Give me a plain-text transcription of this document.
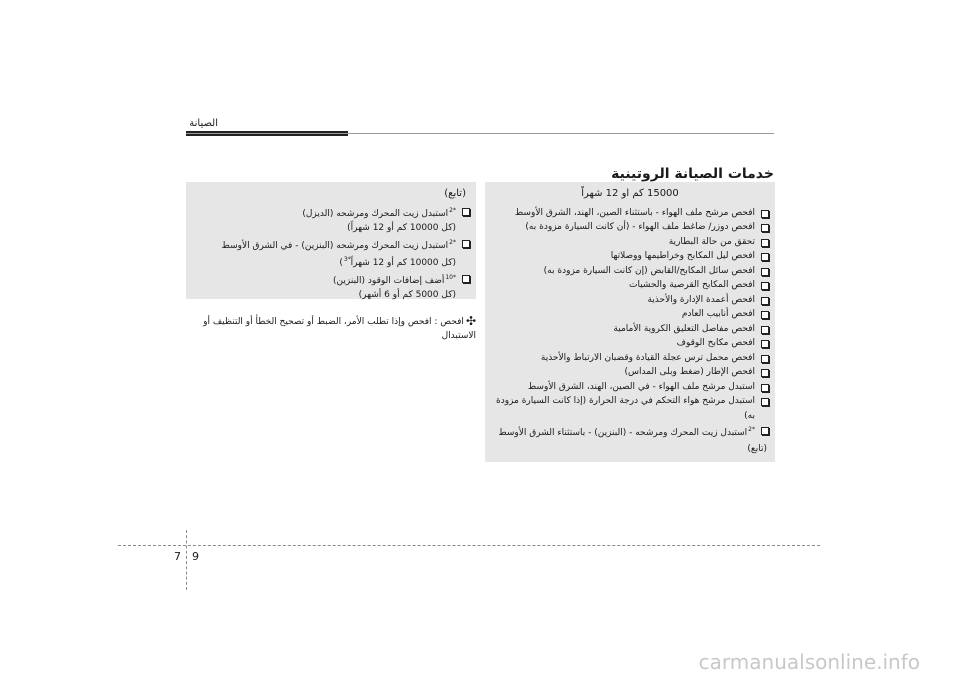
الصيانة
خدمات الصيانة الروتينية
15000 كم او 12 شهراً
افحص مرشح ملف الهواء - باستثناء الصين، الهند، الشرق الأوسط
افحص دوزر/ ضاغط ملف الهواء - (أن كانت السيارة مزودة به)
تحقق من حالة البطارية
افحص ليل المكابح وخراطيمها ووصلاتها
افحص سائل المكابح/القابض (إن كانت السيارة مزودة به)
افحص المكابح القرصية والحشيات
افحص أعمدة الإدارة والأحذية
افحص أنابيب العادم
افحص مفاصل التعليق الكروية الأمامية
افحص مكابح الوقوف
افحص محمل ترس عجلة القيادة وقضبان الارتباط والأحذية
افحص الإطار (ضغط وبلى المداس)
استبدل مرشح ملف الهواء - في الصين، الهند، الشرق الأوسط
استبدل مرشح هواء التحكم في درجة الحرارة (إذا كانت السيارة مزودة به)
$^{*2}$استبدل زيت المحرك ومرشحه - (البنزين) - باستثناء الشرق الأوسط
(تابع)
(تابع)
$^{*2}$استبدل زيت المحرك ومرشحه (الديزل)
(كل 10000 كم أو 12 شهراً)
$^{*2}$استبدل زيت المحرك ومرشحه (البنزين) - في الشرق الأوسط
(كل 10000 كم أو 12 شهراً$^{*3}$)
$^{*10}$أضف إضافات الوقود (البنزين)
(كل 5000 كم أو 6 أشهر)
✣افحص : افحص وإذا تطلب الأمر، الضبط أو تصحيح الخطأ أو التنظيف أو الاستبدال
7 9
carmanualsonline.info
